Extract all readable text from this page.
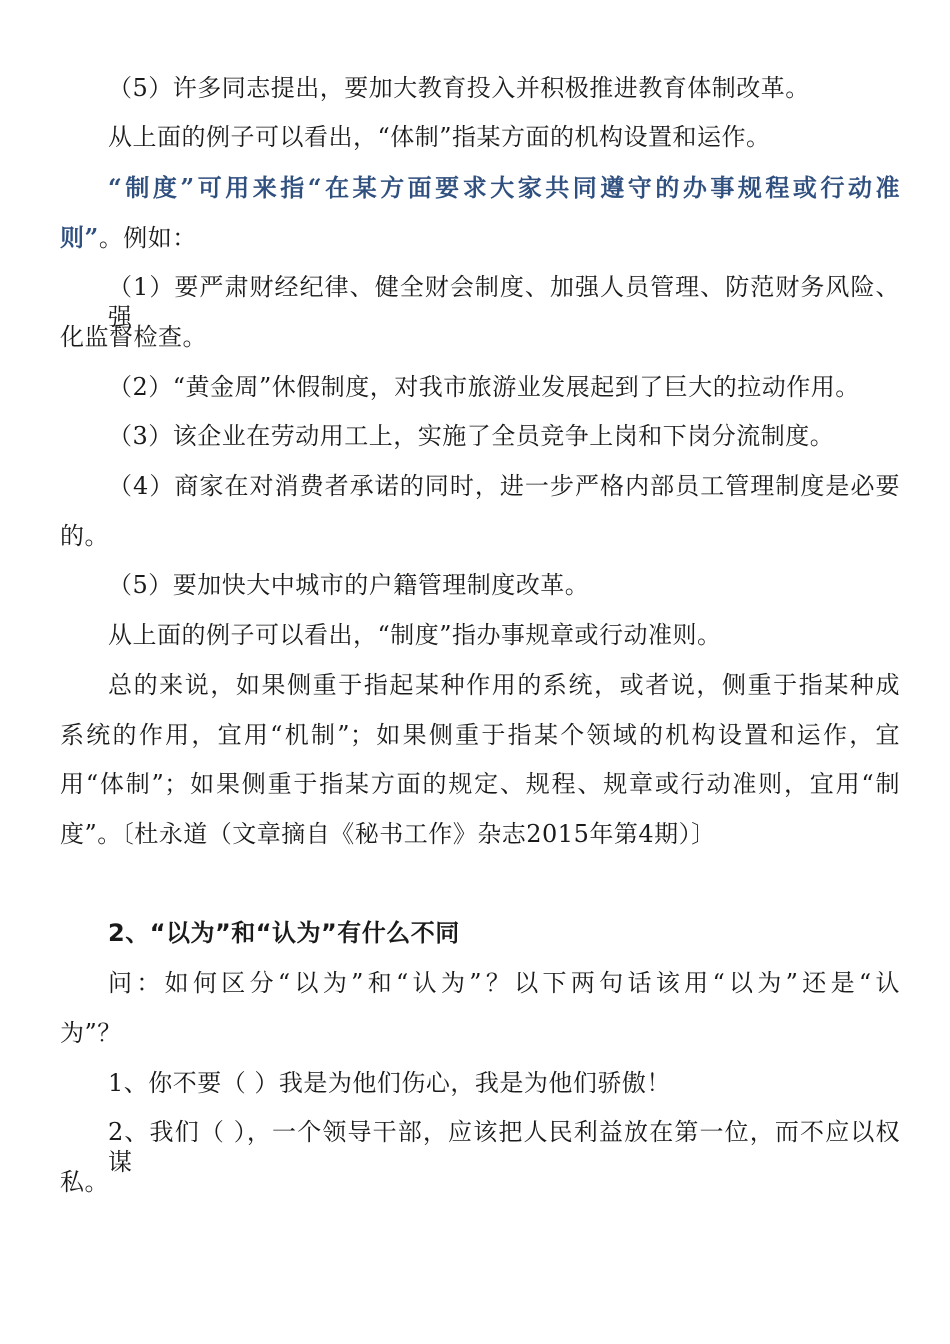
（5）许多同志提出，要加大教育投入并积极推进教育体制改革。
从上面的例子可以看出，“体制”指某方面的机构设置和运作。
“制度”可用来指“在某方面要求大家共同遵守的办事规程或行动准
则”。例如：
（1）要严肃财经纪律、健全财会制度、加强人员管理、防范财务风险、强
化监督检查。
（2）“黄金周”休假制度，对我市旅游业发展起到了巨大的拉动作用。
（3）该企业在劳动用工上，实施了全员竞争上岗和下岗分流制度。
（4）商家在对消费者承诺的同时，进一步严格内部员工管理制度是必要
的。
（5）要加快大中城市的户籍管理制度改革。
从上面的例子可以看出，“制度”指办事规章或行动准则。
总的来说，如果侧重于指起某种作用的系统，或者说，侧重于指某种成
系统的作用，宜用“机制”；如果侧重于指某个领域的机构设置和运作，宜
用“体制”；如果侧重于指某方面的规定、规程、规章或行动准则，宜用“制
度”。〔杜永道（文章摘自《秘书工作》杂志2015年第4期）〕
2、“以为”和“认为”有什么不同
问：如何区分“以为”和“认为”？以下两句话该用“以为”还是“认
为”？
1、你不要（ ）我是为他们伤心，我是为他们骄傲！
2、我们（ ），一个领导干部，应该把人民利益放在第一位，而不应以权谋
私。
